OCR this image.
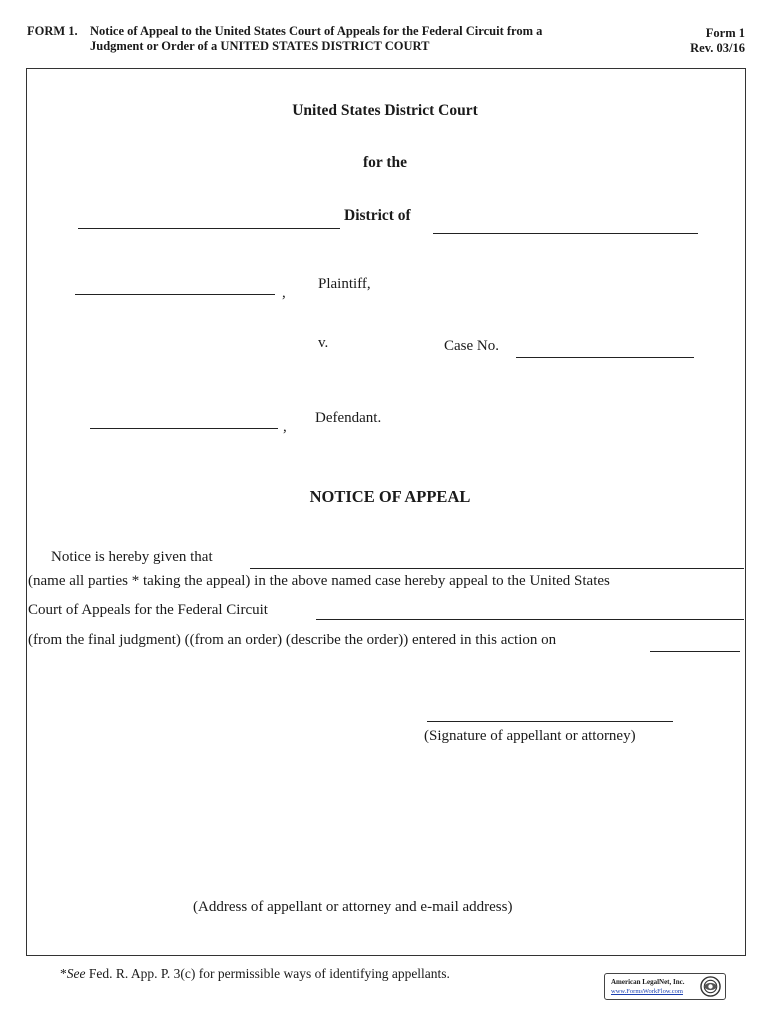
FORM 1. Notice of Appeal to the United States Court of Appeals for the Federal Circuit from a
Judgment or Order of a UNITED STATES DISTRICT COURT
Form 1
Rev. 03/16
United States District Court
for the
District of
,
Plaintiff,
v.	Case No.
,
Defendant.
NOTICE OF APPEAL
Notice is hereby given that
(name all parties * taking the appeal) in the above named case hereby appeal to the United States
Court of Appeals for the Federal Circuit
(from the final judgment) ((from an order) (describe the order)) entered in this action on
(Signature of appellant or attorney)
(Address of appellant or attorney and e-mail address)
*See Fed. R. App. P. 3(c) for permissible ways of identifying appellants.
American LegalNet, Inc.
www.FormsWorkFlow.com
